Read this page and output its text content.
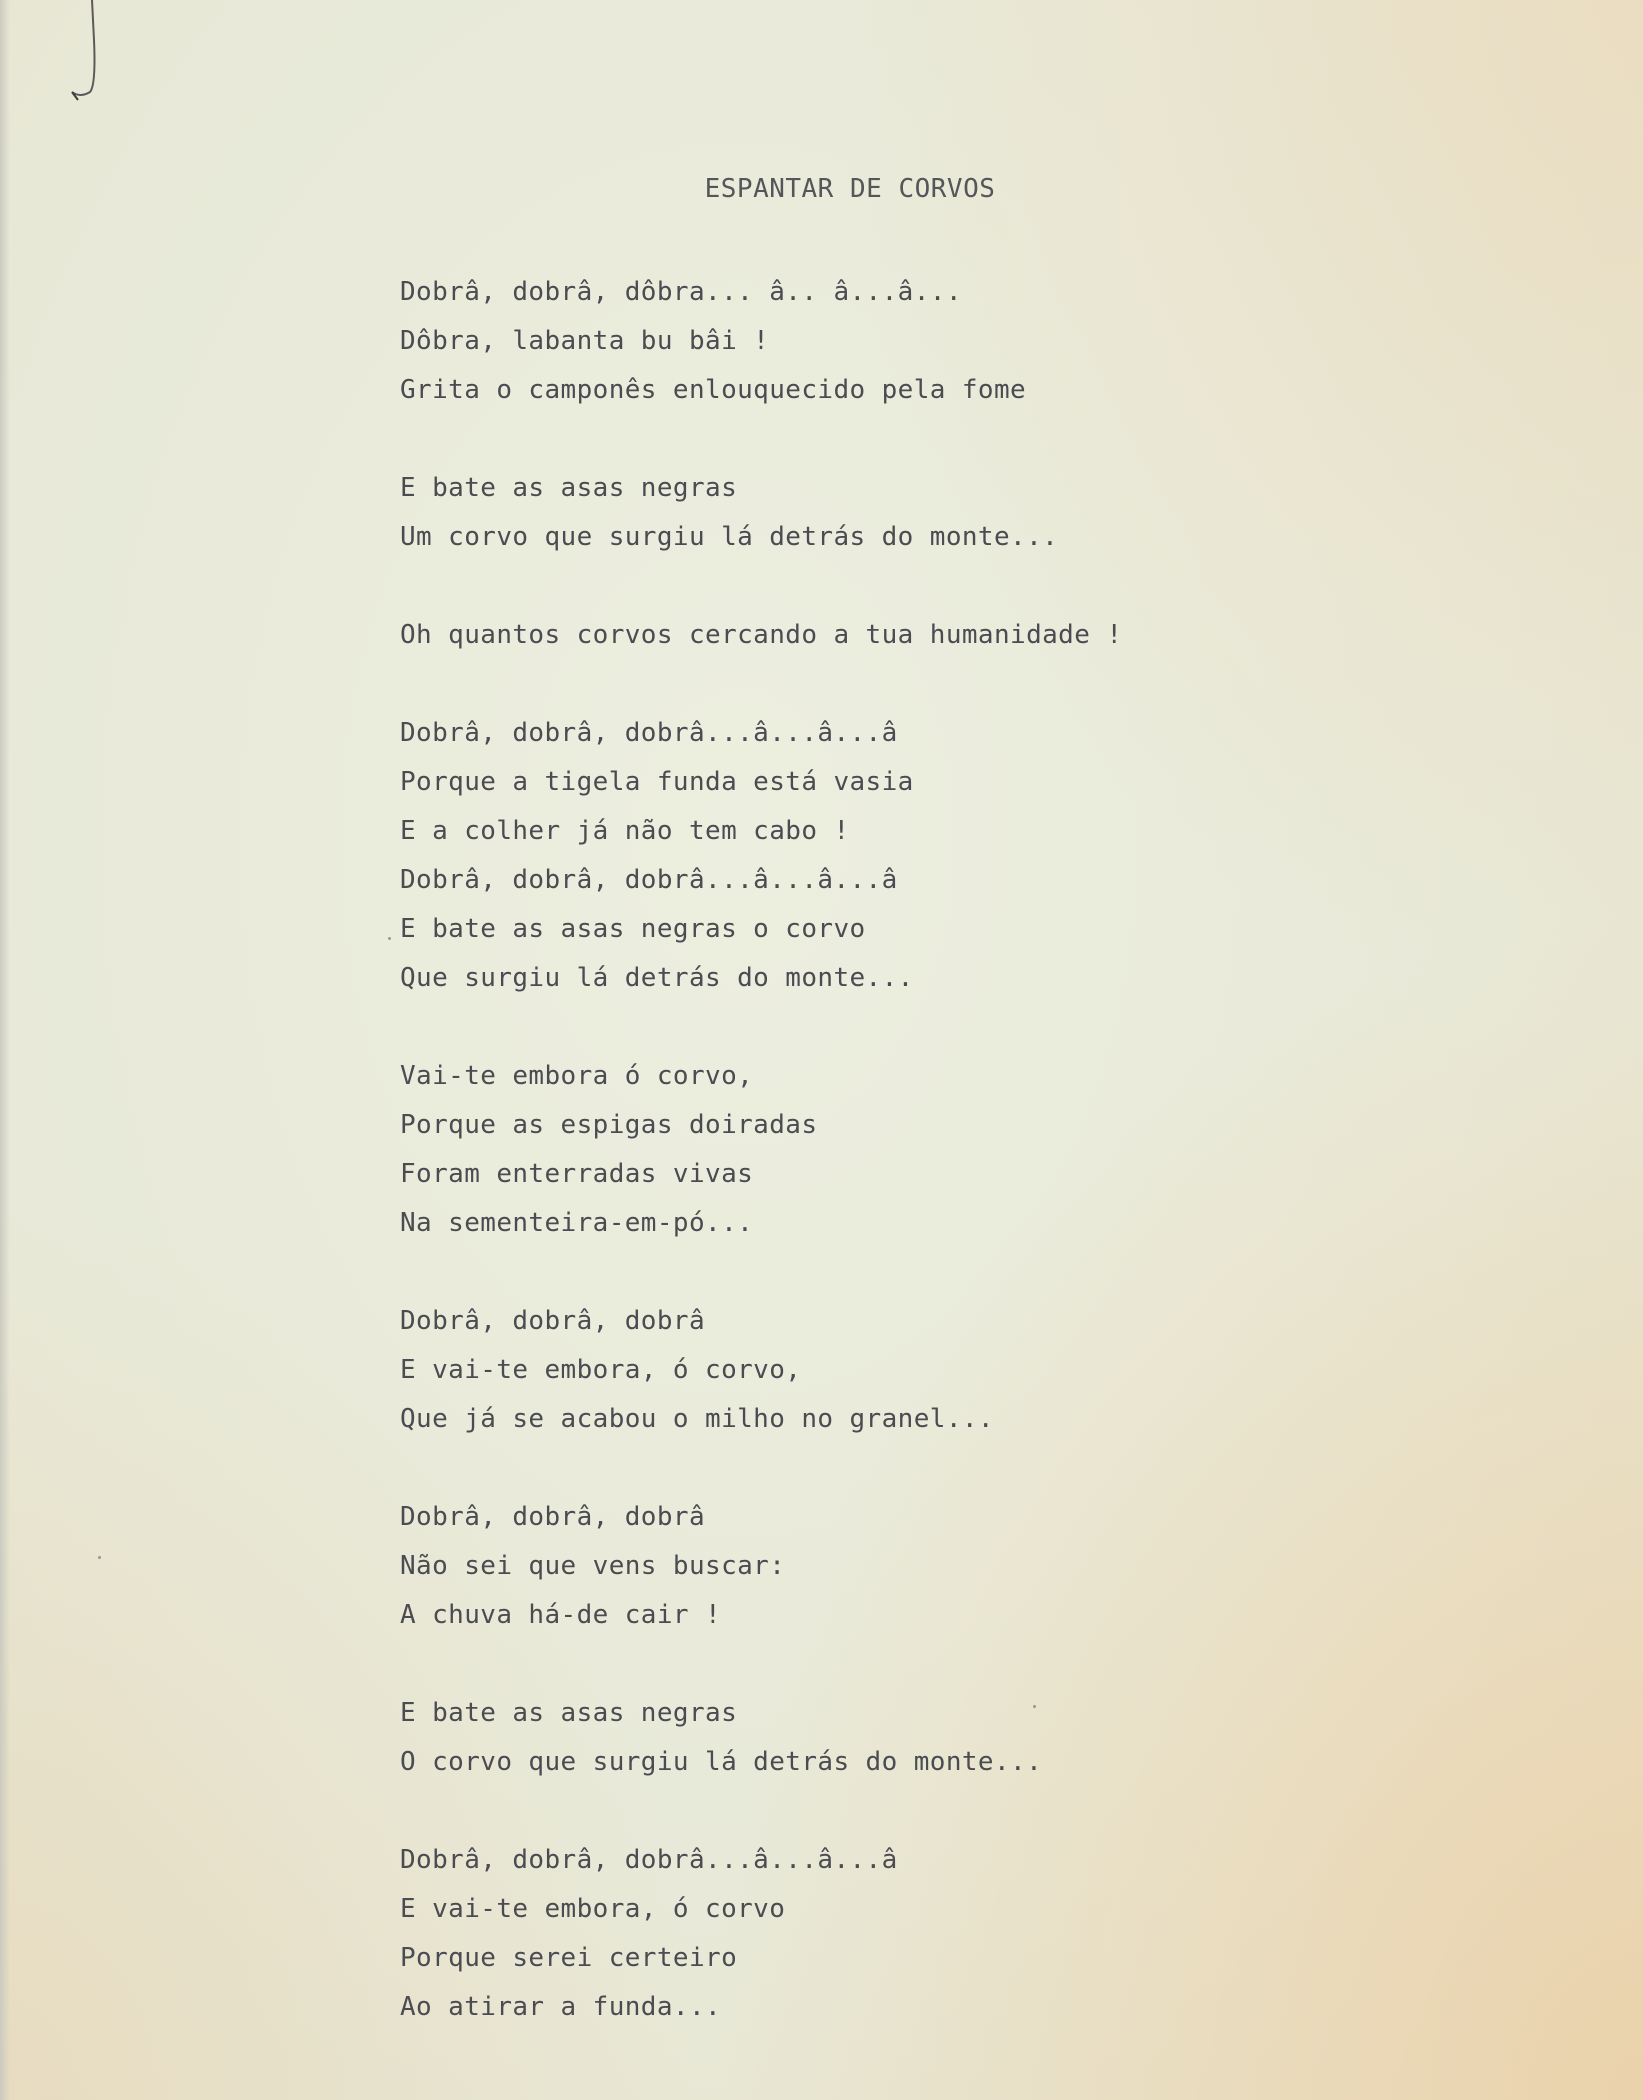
ESPANTAR DE CORVOS
Dobrâ, dobrâ, dôbra... â.. â...â...
Dôbra, labanta bu bâi !
Grita o camponês enlouquecido pela fome
E bate as asas negras
Um corvo que surgiu lá detrás do monte...
Oh quantos corvos cercando a tua humanidade !
Dobrâ, dobrâ, dobrâ...â...â...â
Porque a tigela funda está vasia
E a colher já não tem cabo !
Dobrâ, dobrâ, dobrâ...â...â...â
E bate as asas negras o corvo
Que surgiu lá detrás do monte...
Vai-te embora ó corvo,
Porque as espigas doiradas
Foram enterradas vivas
Na sementeira-em-pó...
Dobrâ, dobrâ, dobrâ
E vai-te embora, ó corvo,
Que já se acabou o milho no granel...
Dobrâ, dobrâ, dobrâ
Não sei que vens buscar:
A chuva há-de cair !
E bate as asas negras
O corvo que surgiu lá detrás do monte...
Dobrâ, dobrâ, dobrâ...â...â...â
E vai-te embora, ó corvo
Porque serei certeiro
Ao atirar a funda...
